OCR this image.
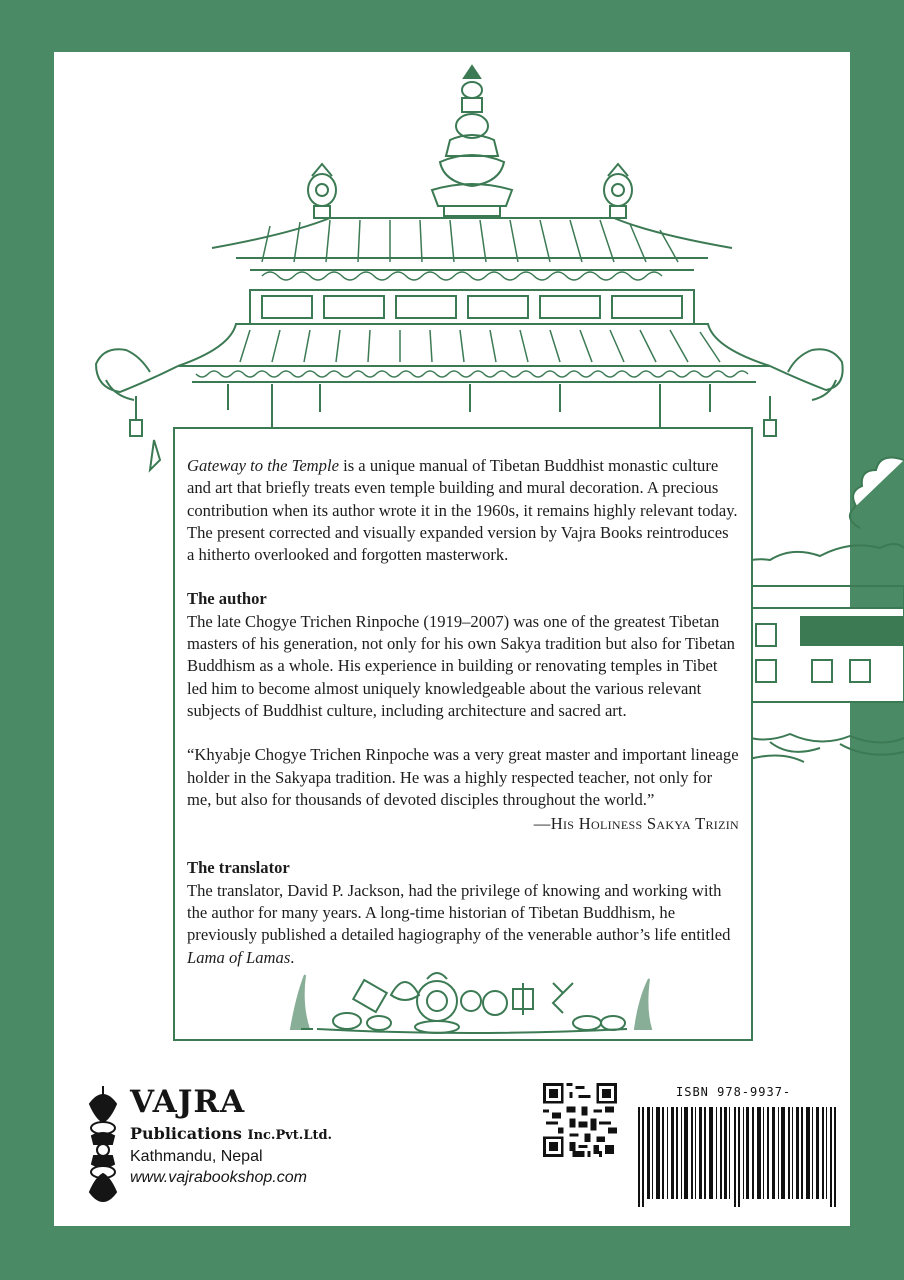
Gateway to the Temple is a unique manual of Tibetan Buddhist monastic culture and art that briefly treats even temple building and mural decoration. A precious contribution when its author wrote it in the 1960s, it remains highly relevant today. The present corrected and visually expanded version by Vajra Books reintroduces a hitherto overlooked and forgotten masterwork.

The author

The late Chogye Trichen Rinpoche (1919–2007) was one of the greatest Tibetan masters of his generation, not only for his own Sakya tradition but also for Tibetan Buddhism as a whole. His experience in building or renovating temples in Tibet led him to become almost uniquely knowledgeable about the various relevant subjects of Buddhist culture, including architecture and sacred art.

“Khyabje Chogye Trichen Rinpoche was a very great master and important lineage holder in the Sakyapa tradition. He was a highly respected teacher, not only for me, but also for thousands of devoted disciples throughout the world.”

—His Holiness Sakya Trizin

The translator

The translator, David P. Jackson, had the privilege of knowing and working with the author for many years. A long-time historian of Tibetan Buddhism, he previously published a detailed hagiography of the venerable author’s life entitled Lama of Lamas.

VAJRA
Publications Inc.Pvt.Ltd.
Kathmandu, Nepal
www.vajrabookshop.com
ISBN 978-9937-
